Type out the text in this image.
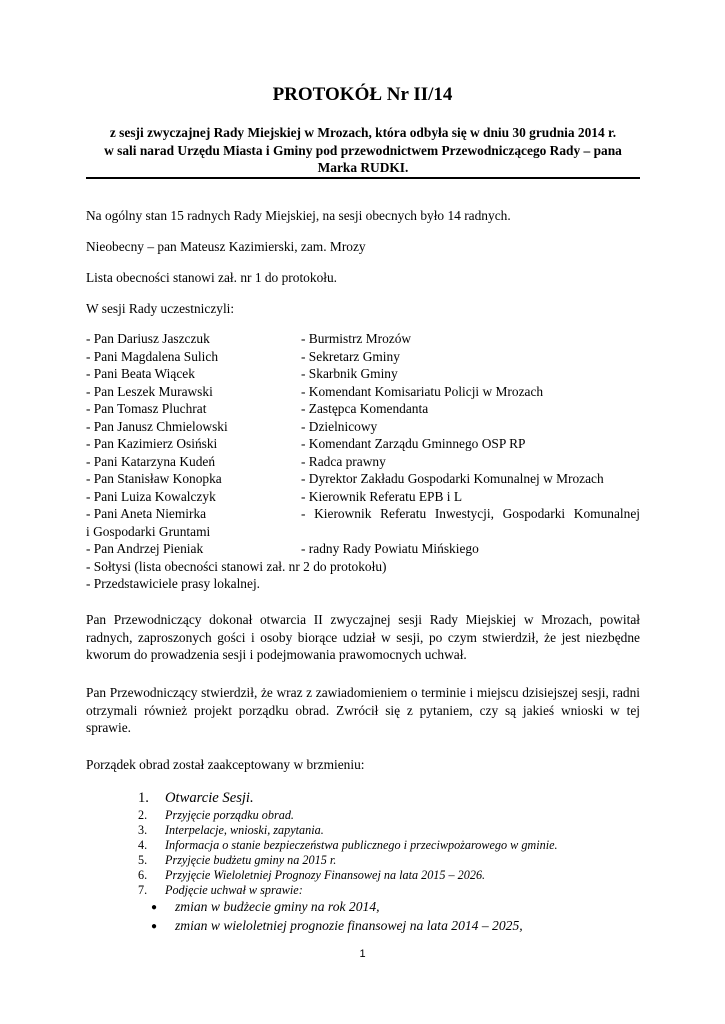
PROTOKÓŁ Nr II/14
z sesji zwyczajnej Rady Miejskiej w Mrozach, która odbyła się w dniu 30 grudnia 2014 r.
w sali narad Urzędu Miasta i Gminy pod przewodnictwem Przewodniczącego Rady – pana
Marka RUDKI.

Na ogólny stan 15 radnych Rady Miejskiej, na sesji obecnych było 14 radnych.

Nieobecny – pan Mateusz Kazimierski, zam. Mrozy

Lista obecności stanowi zał. nr 1 do protokołu.

W sesji Rady uczestniczyli:

- Pan Dariusz Jaszczuk	- Burmistrz Mrozów
- Pani Magdalena Sulich	- Sekretarz Gminy
- Pani Beata Wiącek	- Skarbnik Gminy
- Pan Leszek Murawski	- Komendant Komisariatu Policji w Mrozach
- Pan Tomasz Pluchrat	- Zastępca Komendanta
- Pan Janusz Chmielowski	- Dzielnicowy
- Pan Kazimierz Osiński	- Komendant Zarządu Gminnego OSP RP
- Pani Katarzyna Kudeń	- Radca prawny
- Pan Stanisław Konopka	- Dyrektor Zakładu Gospodarki Komunalnej w Mrozach
- Pani Luiza Kowalczyk	- Kierownik Referatu EPB i L
- Pani Aneta Niemirka	- Kierownik Referatu Inwestycji, Gospodarki Komunalnej
i Gospodarki Gruntami
- Pan Andrzej Pieniak	- radny Rady Powiatu Mińskiego
- Sołtysi (lista obecności stanowi zał. nr 2 do protokołu)
- Przedstawiciele prasy lokalnej.

Pan Przewodniczący dokonał otwarcia II zwyczajnej sesji Rady Miejskiej w Mrozach, powitał radnych, zaproszonych gości i osoby biorące udział w sesji, po czym stwierdził, że jest niezbędne kworum do prowadzenia sesji i podejmowania prawomocnych uchwał.

Pan Przewodniczący stwierdził, że wraz z zawiadomieniem o terminie i miejscu dzisiejszej sesji, radni otrzymali również projekt porządku obrad. Zwrócił się z pytaniem, czy są jakieś wnioski w tej sprawie.

Porządek obrad został zaakceptowany w brzmieniu:

1. Otwarcie Sesji.
2. Przyjęcie porządku obrad.
3. Interpelacje, wnioski, zapytania.
4. Informacja o stanie bezpieczeństwa publicznego i przeciwpożarowego w gminie.
5. Przyjęcie budżetu gminy na 2015 r.
6. Przyjęcie Wieloletniej Prognozy Finansowej na lata 2015 – 2026.
7. Podjęcie uchwał w sprawie:
● zmian w budżecie gminy na rok 2014,
● zmian w wieloletniej prognozie finansowej na lata 2014 – 2025,
1
